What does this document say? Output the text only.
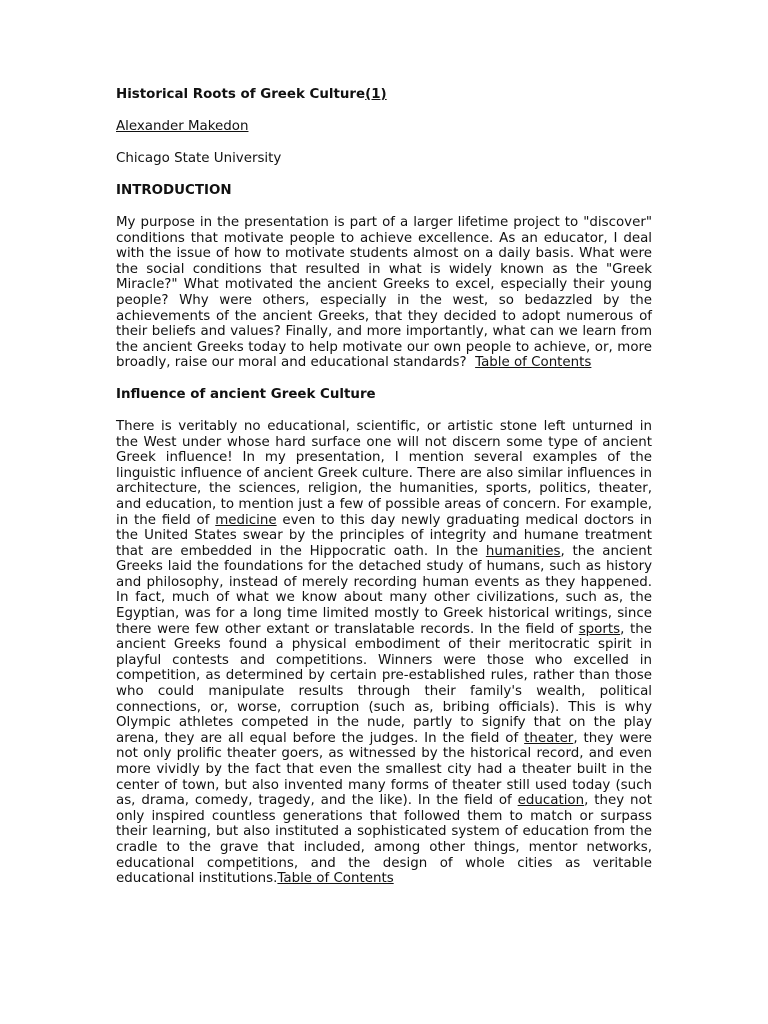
Historical Roots of Greek Culture(1)

Alexander Makedon

Chicago State University

INTRODUCTION

My purpose in the presentation is part of a larger lifetime project to "discover" conditions that motivate people to achieve excellence. As an educator, I deal with the issue of how to motivate students almost on a daily basis. What were the social conditions that resulted in what is widely known as the "Greek Miracle?" What motivated the ancient Greeks to excel, especially their young people? Why were others, especially in the west, so bedazzled by the achievements of the ancient Greeks, that they decided to adopt numerous of their beliefs and values? Finally, and more importantly, what can we learn from the ancient Greeks today to help motivate our own people to achieve, or, more broadly, raise our moral and educational standards? Table of Contents

Influence of ancient Greek Culture

There is veritably no educational, scientific, or artistic stone left unturned in the West under whose hard surface one will not discern some type of ancient Greek influence! In my presentation, I mention several examples of the linguistic influence of ancient Greek culture. There are also similar influences in architecture, the sciences, religion, the humanities, sports, politics, theater, and education, to mention just a few of possible areas of concern. For example, in the field of medicine even to this day newly graduating medical doctors in the United States swear by the principles of integrity and humane treatment that are embedded in the Hippocratic oath. In the humanities, the ancient Greeks laid the foundations for the detached study of humans, such as history and philosophy, instead of merely recording human events as they happened. In fact, much of what we know about many other civilizations, such as, the Egyptian, was for a long time limited mostly to Greek historical writings, since there were few other extant or translatable records. In the field of sports, the ancient Greeks found a physical embodiment of their meritocratic spirit in playful contests and competitions. Winners were those who excelled in competition, as determined by certain pre-established rules, rather than those who could manipulate results through their family's wealth, political connections, or, worse, corruption (such as, bribing officials). This is why Olympic athletes competed in the nude, partly to signify that on the play arena, they are all equal before the judges. In the field of theater, they were not only prolific theater goers, as witnessed by the historical record, and even more vividly by the fact that even the smallest city had a theater built in the center of town, but also invented many forms of theater still used today (such as, drama, comedy, tragedy, and the like). In the field of education, they not only inspired countless generations that followed them to match or surpass their learning, but also instituted a sophisticated system of education from the cradle to the grave that included, among other things, mentor networks, educational competitions, and the design of whole cities as veritable educational institutions.Table of Contents
